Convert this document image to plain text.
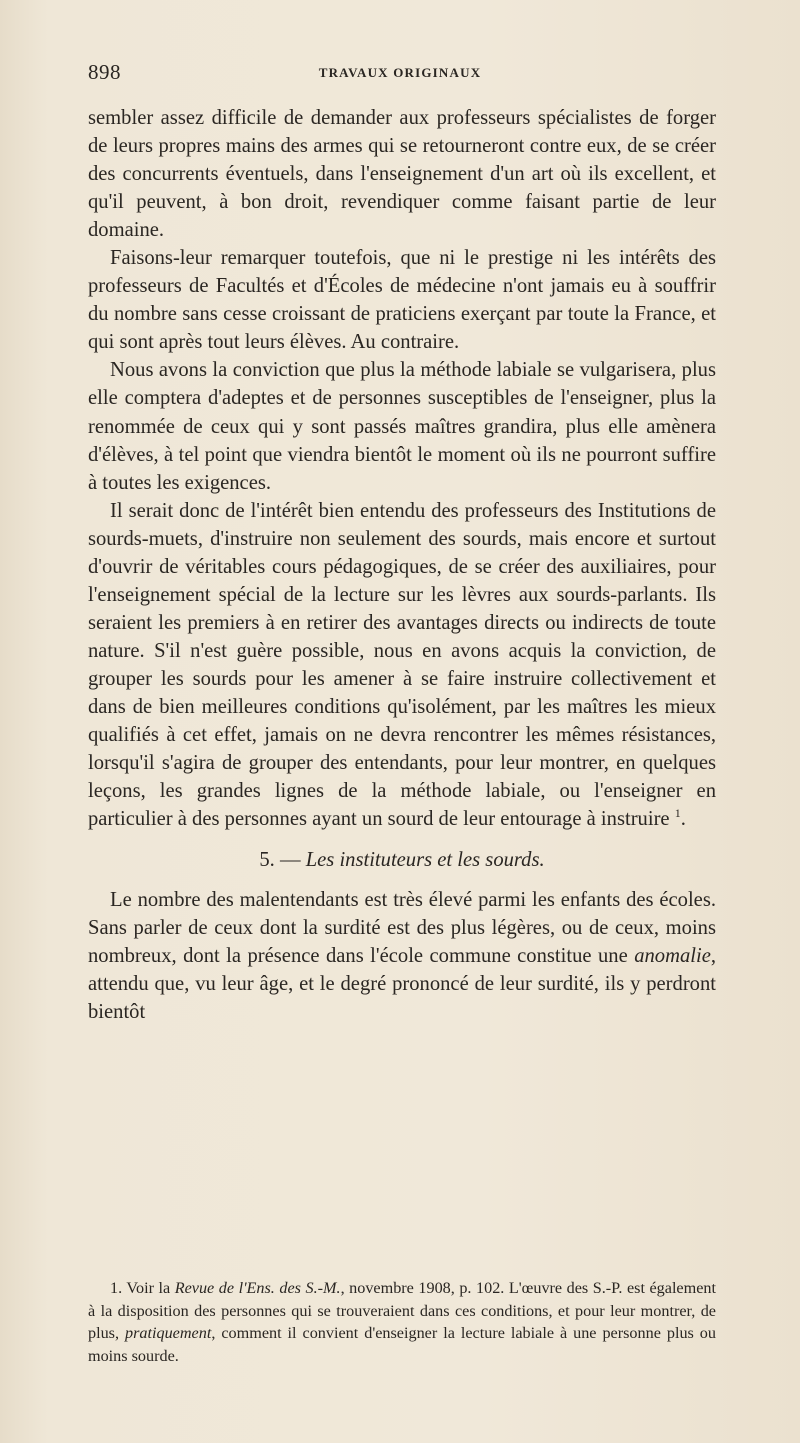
898	TRAVAUX ORIGINAUX

sembler assez difficile de demander aux professeurs spécialistes de forger de leurs propres mains des armes qui se retourneront contre eux, de se créer des concurrents éventuels, dans l'enseignement d'un art où ils excellent, et qu'il peuvent, à bon droit, revendiquer comme faisant partie de leur domaine.

Faisons-leur remarquer toutefois, que ni le prestige ni les intérêts des professeurs de Facultés et d'Écoles de médecine n'ont jamais eu à souffrir du nombre sans cesse croissant de praticiens exerçant par toute la France, et qui sont après tout leurs élèves. Au contraire.

Nous avons la conviction que plus la méthode labiale se vulgarisera, plus elle comptera d'adeptes et de personnes susceptibles de l'enseigner, plus la renommée de ceux qui y sont passés maîtres grandira, plus elle amènera d'élèves, à tel point que viendra bientôt le moment où ils ne pourront suffire à toutes les exigences.

Il serait donc de l'intérêt bien entendu des professeurs des Institutions de sourds-muets, d'instruire non seulement des sourds, mais encore et surtout d'ouvrir de véritables cours pédagogiques, de se créer des auxiliaires, pour l'enseignement spécial de la lecture sur les lèvres aux sourds-parlants. Ils seraient les premiers à en retirer des avantages directs ou indirects de toute nature. S'il n'est guère possible, nous en avons acquis la conviction, de grouper les sourds pour les amener à se faire instruire collectivement et dans de bien meilleures conditions qu'isolément, par les maîtres les mieux qualifiés à cet effet, jamais on ne devra rencontrer les mêmes résistances, lorsqu'il s'agira de grouper des entendants, pour leur montrer, en quelques leçons, les grandes lignes de la méthode labiale, ou l'enseigner en particulier à des personnes ayant un sourd de leur entourage à instruire $^1$.

5. — Les instituteurs et les sourds.

Le nombre des malentendants est très élevé parmi les enfants des écoles. Sans parler de ceux dont la surdité est des plus légères, ou de ceux, moins nombreux, dont la présence dans l'école commune constitue une anomalie, attendu que, vu leur âge, et le degré prononcé de leur surdité, ils y perdront bientôt

1. Voir la Revue de l'Ens. des S.-M., novembre 1908, p. 102. L'œuvre des S.-P. est également à la disposition des personnes qui se trouveraient dans ces conditions, et pour leur montrer, de plus, pratiquement, comment il convient d'enseigner la lecture labiale à une personne plus ou moins sourde.
